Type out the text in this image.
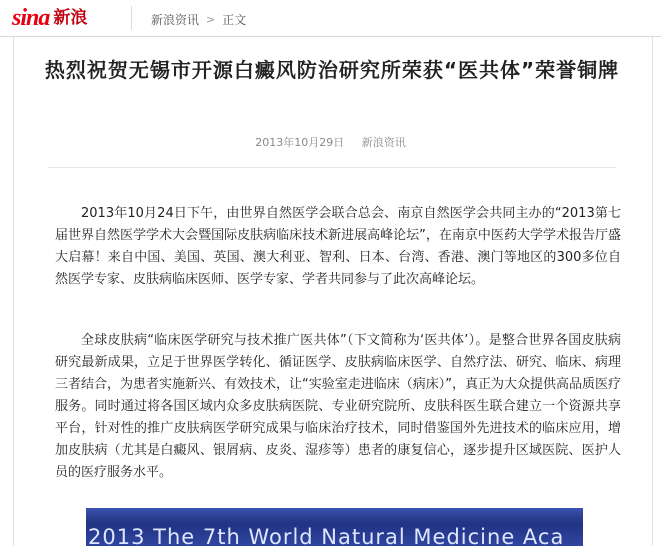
sina 新浪	新浪资讯 > 正文
热烈祝贺无锡市开源白癜风防治研究所荣获“医共体”荣誉铜牌
2013年10月29日 新浪资讯

2013年10月24日下午，由世界自然医学会联合总会、南京自然医学会共同主办的“2013第七届世界自然医学学术大会暨国际皮肤病临床技术新进展高峰论坛”，在南京中医药大学学术报告厅盛大启幕！来自中国、美国、英国、澳大利亚、智利、日本、台湾、香港、澳门等地区的300多位自然医学专家、皮肤病临床医师、医学专家、学者共同参与了此次高峰论坛。

全球皮肤病“临床医学研究与技术推广医共体”（下文简称为‘医共体’）。是整合世界各国皮肤病研究最新成果，立足于世界医学转化、循证医学、皮肤病临床医学、自然疗法、研究、临床、病理三者结合，为患者实施新兴、有效技术，让“实验室走进临床（病床）”，真正为大众提供高品质医疗服务。同时通过将各国区域内众多皮肤病医院、专业研究院所、皮肤科医生联合建立一个资源共享平台，针对性的推广皮肤病医学研究成果与临床治疗技术，同时借鉴国外先进技术的临床应用，增加皮肤病（尤其是白癜风、银屑病、皮炎、湿疹等）患者的康复信心，逐步提升区域医院、医护人员的医疗服务水平。

2013 The 7th World Natural Medicine Aca
